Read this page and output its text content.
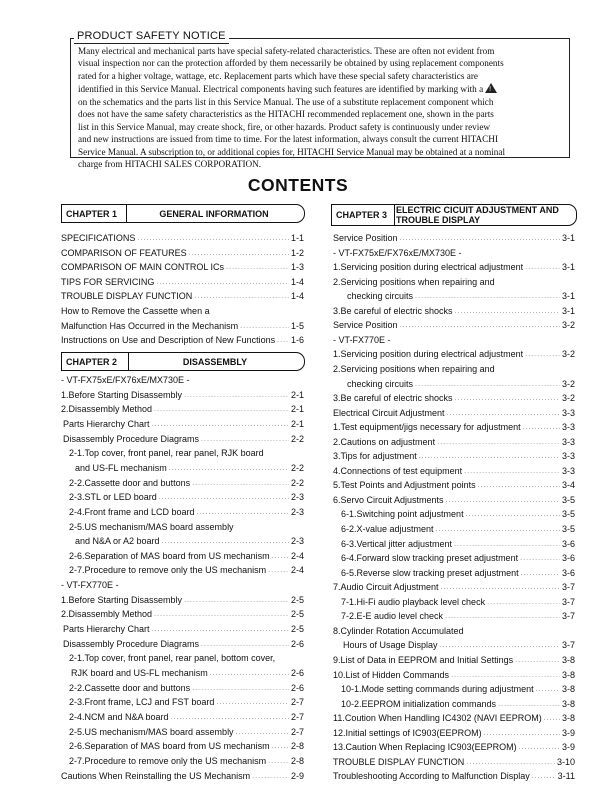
PRODUCT SAFETY NOTICE
Many electrical and mechanical parts have special safety-related characteristics. These are often not evident from
visual inspection nor can the protection afforded by them necessarily be obtained by using replacement components
rated for a higher voltage, wattage, etc. Replacement parts which have these special safety characteristics are
identified in this Service Manual. Electrical components having such features are identified by marking with a!
on the schematics and the parts list in this Service Manual. The use of a substitute replacement component which
does not have the same safety characteristics as the HITACHI recommended replacement one, shown in the parts
list in this Service Manual, may create shock, fire, or other hazards. Product safety is continuously under review
and new instructions are issued from time to time. For the latest information, always consult the current HITACHI
Service Manual. A subscription to, or additional copies for, HITACHI Service Manual may be obtained at a nominal
charge from HITACHI SALES CORPORATION.
CONTENTS
CHAPTER 1	GENERAL INFORMATION
CHAPTER 2	DISASSEMBLY
CHAPTER 3 ELECTRIC CICUIT ADJUSTMENT AND
TROUBLE DISPLAY
SPECIFICATIONS ·····	1-1
COMPARISON OF FEATURES ·····	1-2
COMPARISON OF MAIN CONTROL ICs ·····	1-3
TIPS FOR SERVICING ·····	1-4
TROUBLE DISPLAY FUNCTION ·····	1-4
How to Remove the Cassette when a
Malfunction Has Occurred in the Mechanism ·····	1-5
Instructions on Use and Description of New Functions ····· 1-6
- VT-FX75xE/FX76xE/MX730E -
1.Before Starting Disassembly ·····	2-1
2.Disassembly Method ·····	2-1
Parts Hierarchy Chart ·····	2-1
Disassembly Procedure Diagrams ·····	2-2
2-1.Top cover, front panel, rear panel, RJK board
and US-FL mechanism ·····	2-2
2-2.Cassette door and buttons ·····	2-2
2-3.STL or LED board ·····	2-3
2-4.Front frame and LCD board ·····	2-3
2-5.US mechanism/MAS board assembly
and N&A or A2 board ·····	2-3
2-6.Separation of MAS board from US mechanism ····· 2-4
2-7.Procedure to remove only the US mechanism ·····	2-4
- VT-FX770E -
1.Before Starting Disassembly ·····	2-5
2.Disassembly Method ·····	2-5
Parts Hierarchy Chart ·····	2-5
Disassembly Procedure Diagrams ·····	2-6
2-1.Top cover, front panel, rear panel, bottom cover,
RJK board and US-FL mechanism ·····	2-6
2-2.Cassette door and buttons ·····	2-6
2-3.Front frame, LCJ and FST board ·····	2-7
2-4.NCM and N&A board ·····	2-7
2-5.US mechanism/MAS board assembly ·····	2-7
2-6.Separation of MAS board from US mechanism ····· 2-8
2-7.Procedure to remove only the US mechanism ·····	2-8
Cautions When Reinstalling the US Mechanism ·····	2-9
Service Position ·····	3-1
- VT-FX75xE/FX76xE/MX730E -
1.Servicing position during electrical adjustment ·····	3-1
2.Servicing positions when repairing and
checking circuits ·····	3-1
3.Be careful of electric shocks ·····	3-1
Service Position ·····	3-2
- VT-FX770E -
1.Servicing position during electrical adjustment ·····	3-2
2.Servicing positions when repairing and
checking circuits ·····	3-2
3.Be careful of electric shocks ·····	3-2
Electrical Circuit Adjustment ·····	3-3
1.Test equipment/jigs necessary for adjustment ·····	3-3
2.Cautions on adjustment ·····	3-3
3.Tips for adjustment ·····	3-3
4.Connections of test equipment ·····	3-3
5.Test Points and Adjustment points ·····	3-4
6.Servo Circuit Adjustments ·····	3-5
6-1.Switching point adjustment ·····	3-5
6-2.X-value adjustment ·····	3-5
6-3.Vertical jitter adjustment ·····	3-6
6-4.Forward slow tracking preset adjustment ·····	3-6
6-5.Reverse slow tracking preset adjustment ·····	3-6
7.Audio Circuit Adjustment ·····	3-7
7-1.Hi-Fi audio playback level check ·····	3-7
7-2.E-E audio level check ·····	3-7
8.Cylinder Rotation Accumulated
Hours of Usage Display ·····	3-7
9.List of Data in EEPROM and Initial Settings ·····	3-8
10.List of Hidden Commands ·····	3-8
10-1.Mode setting commands during adjustment ·····	3-8
10-2.EEPROM initialization commands ·····	3-8
11.Coution When Handling IC4302 (NAVI EEPROM) ····· 3-8
12.Initial settings of IC903(EEPROM) ·····	3-9
13.Caution When Replacing IC903(EEPROM) ·····	3-9
TROUBLE DISPLAY FUNCTION ·····	3-10
Troubleshooting According to Malfunction Display ·····	3-11
